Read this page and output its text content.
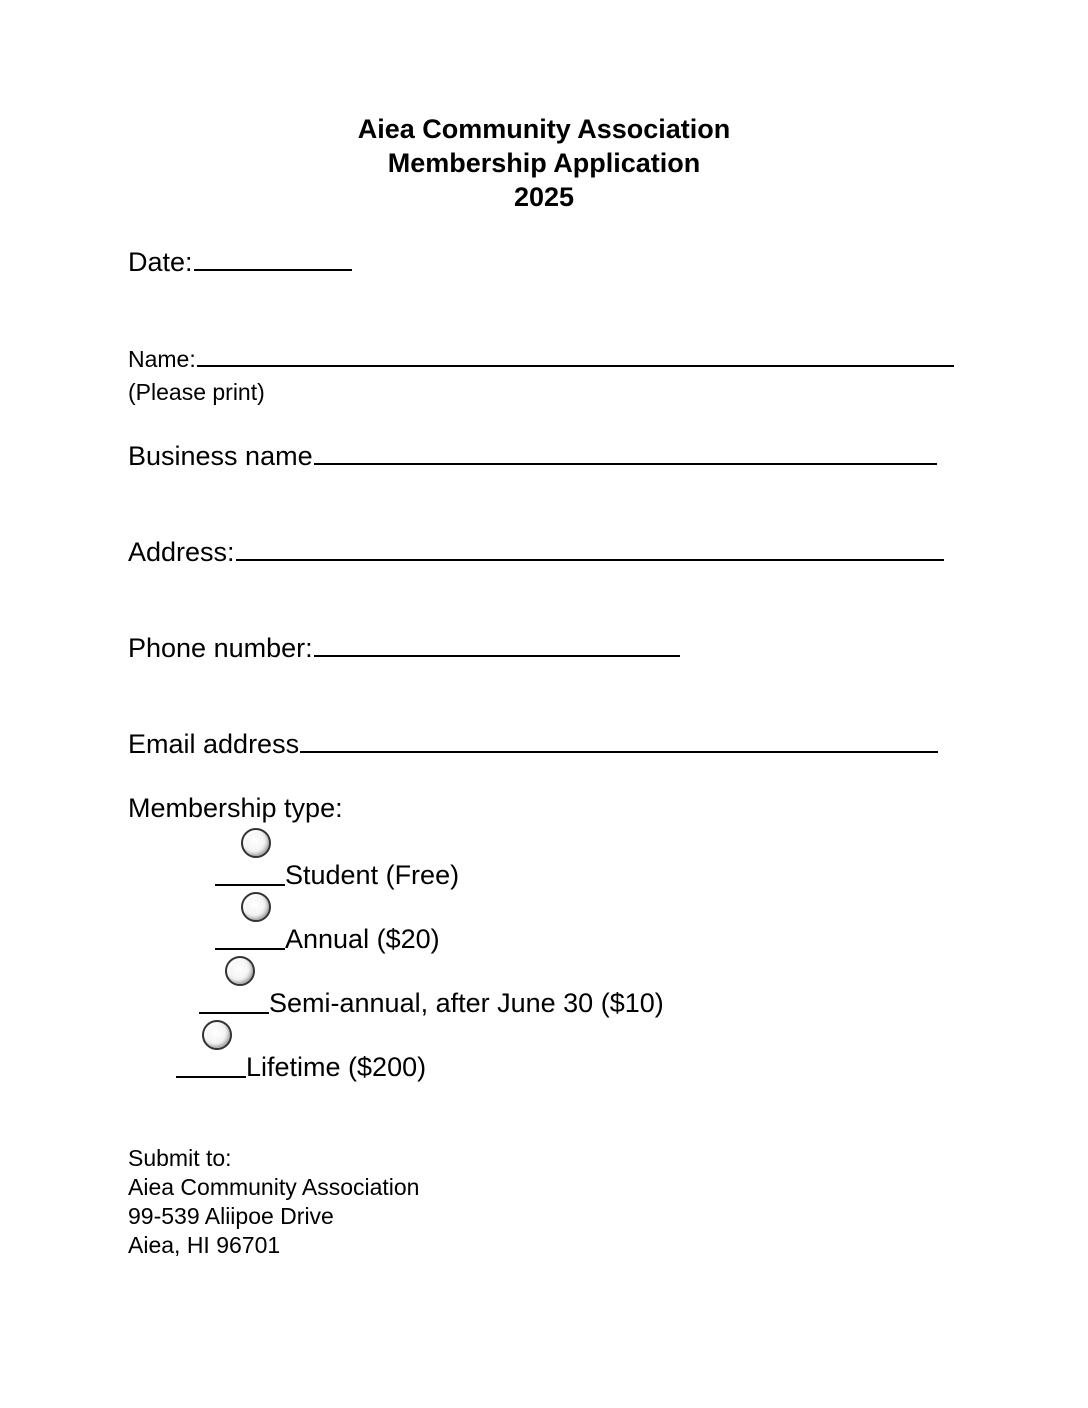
Aiea Community Association
Membership Application
2025
Date:
Name:
(Please print)
Business name
Address:
Phone number:
Email address
Membership type:
Student (Free)
Annual ($20)
Semi-annual, after June 30 ($10)
Lifetime ($200)
Submit to:
Aiea Community Association
99-539 Aliipoe Drive
Aiea, HI 96701
